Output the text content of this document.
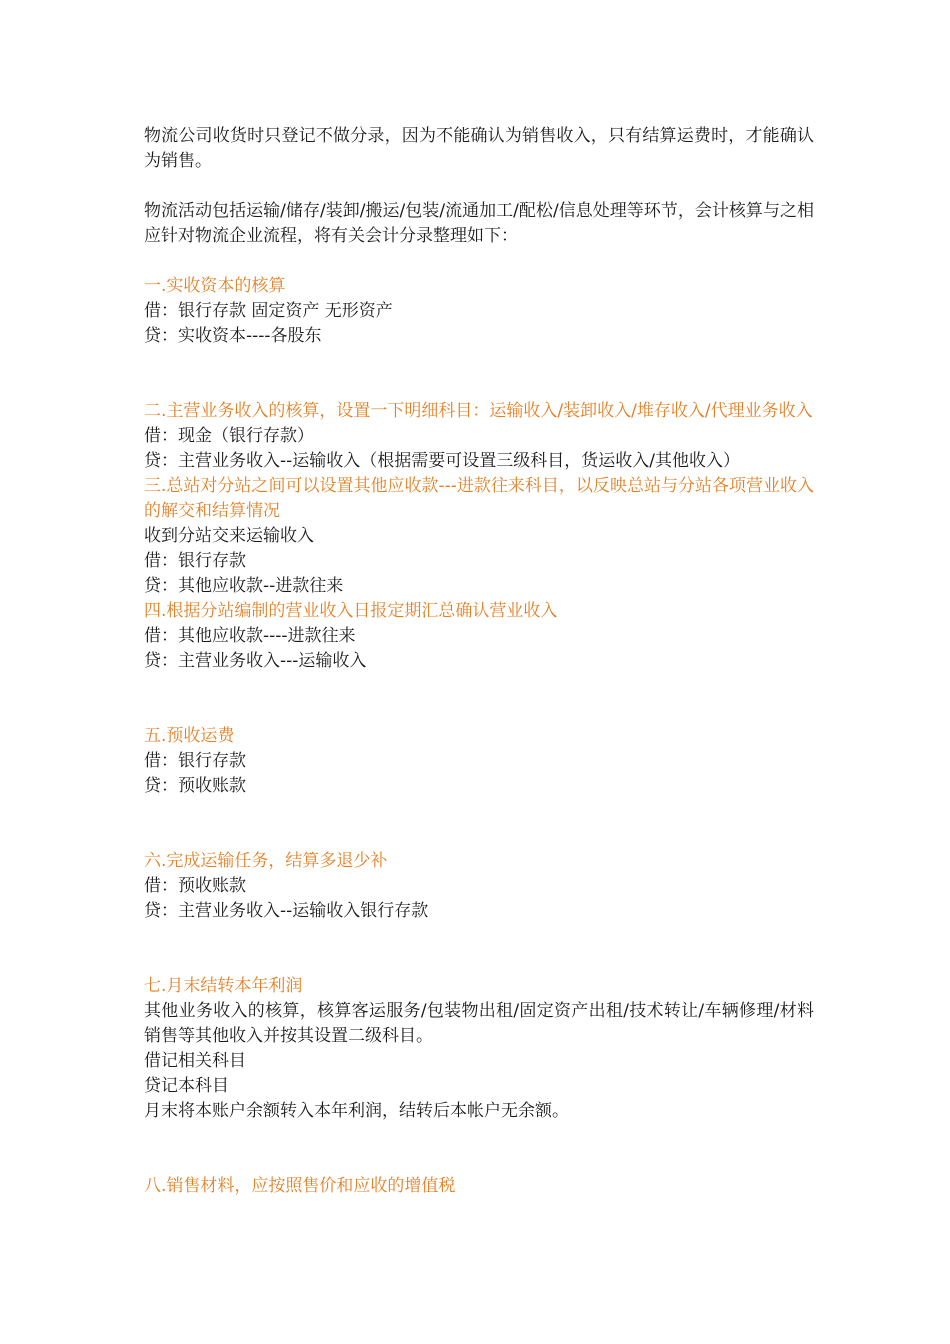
物流公司收货时只登记不做分录，因为不能确认为销售收入，只有结算运费时，才能确认为销售。

物流活动包括运输/储存/装卸/搬运/包装/流通加工/配松/信息处理等环节，会计核算与之相应针对物流企业流程，将有关会计分录整理如下：

一.实收资本的核算

借：银行存款 固定资产 无形资产

贷：实收资本----各股东

二.主营业务收入的核算，设置一下明细科目：运输收入/装卸收入/堆存收入/代理业务收入

借：现金（银行存款）

贷：主营业务收入--运输收入（根据需要可设置三级科目，货运收入/其他收入）

三.总站对分站之间可以设置其他应收款---进款往来科目，以反映总站与分站各项营业收入的解交和结算情况

收到分站交来运输收入

借：银行存款

贷：其他应收款--进款往来

四.根据分站编制的营业收入日报定期汇总确认营业收入

借：其他应收款----进款往来

贷：主营业务收入---运输收入

五.预收运费

借：银行存款

贷：预收账款

六.完成运输任务，结算多退少补

借：预收账款

贷：主营业务收入--运输收入银行存款

七.月末结转本年利润

其他业务收入的核算，核算客运服务/包装物出租/固定资产出租/技术转让/车辆修理/材料销售等其他收入并按其设置二级科目。

借记相关科目

贷记本科目

月末将本账户余额转入本年利润，结转后本帐户无余额。

八.销售材料，应按照售价和应收的增值税
